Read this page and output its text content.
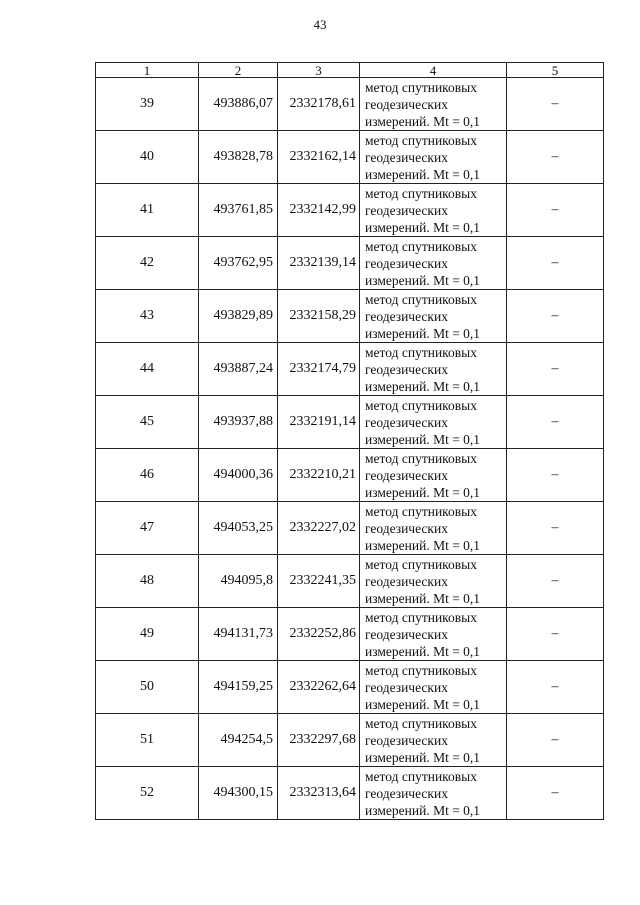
43
1	2	3	4	5
39	493886,07	2332178,61	метод спутниковых
геодезических
измерений. Mt = 0,1	–
40	493828,78	2332162,14	метод спутниковых
геодезических
измерений. Mt = 0,1	–
41	493761,85	2332142,99	метод спутниковых
геодезических
измерений. Mt = 0,1	–
42	493762,95	2332139,14	метод спутниковых
геодезических
измерений. Mt = 0,1	–
43	493829,89	2332158,29	метод спутниковых
геодезических
измерений. Mt = 0,1	–
44	493887,24	2332174,79	метод спутниковых
геодезических
измерений. Mt = 0,1	–
45	493937,88	2332191,14	метод спутниковых
геодезических
измерений. Mt = 0,1	–
46	494000,36	2332210,21	метод спутниковых
геодезических
измерений. Mt = 0,1	–
47	494053,25	2332227,02	метод спутниковых
геодезических
измерений. Mt = 0,1	–
48	494095,8	2332241,35	метод спутниковых
геодезических
измерений. Mt = 0,1	–
49	494131,73	2332252,86	метод спутниковых
геодезических
измерений. Mt = 0,1	–
50	494159,25	2332262,64	метод спутниковых
геодезических
измерений. Mt = 0,1	–
51	494254,5	2332297,68	метод спутниковых
геодезических
измерений. Mt = 0,1	–
52	494300,15	2332313,64	метод спутниковых
геодезических
измерений. Mt = 0,1	–
